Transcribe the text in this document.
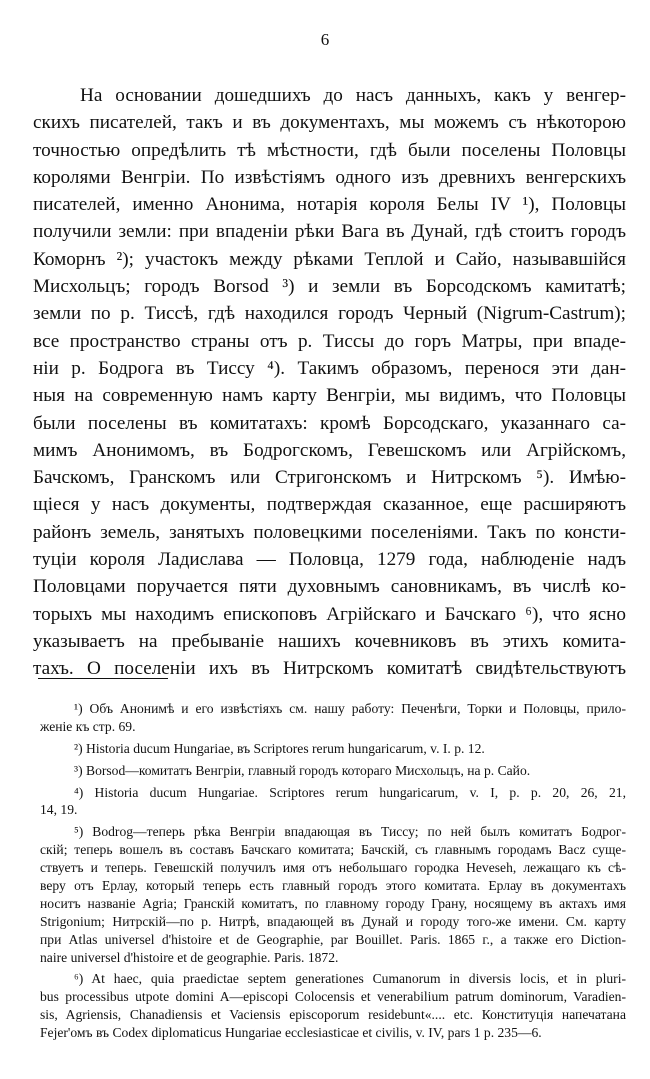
6
На основании дошедшихъ до насъ данныхъ, какъ у венгер-
скихъ писателей, такъ и въ документахъ, мы можемъ съ нѣкоторою
точностью опредѣлить тѣ мѣстности, гдѣ были поселены Половцы
королями Венгріи. По извѣстіямъ одного изъ древнихъ венгерскихъ
писателей, именно Анонима, нотарія короля Белы IV ¹), Половцы
получили земли: при впаденіи рѣки Вага въ Дунай, гдѣ стоитъ городъ
Коморнъ ²); участокъ между рѣками Теплой и Сайо, называвшійся
Мисхольцъ; городъ Borsod ³) и земли въ Борсодскомъ камитатѣ;
земли по р. Тиссѣ, гдѣ находился городъ Черный (Nigrum-Castrum);
все пространство страны отъ р. Тиссы до горъ Матры, при впаде-
ніи р. Бодрога въ Тиссу ⁴). Такимъ образомъ, перенося эти дан-
ныя на современную намъ карту Венгріи, мы видимъ, что Половцы
были поселены въ комитатахъ: кромѣ Борсодскаго, указаннаго са-
мимъ Анонимомъ, въ Бодрогскомъ, Гевешскомъ или Агрійскомъ,
Бачскомъ, Гранскомъ или Стригонскомъ и Нитрскомъ ⁵). Имѣю-
щіеся у насъ документы, подтверждая сказанное, еще расширяютъ
районъ земель, занятыхъ половецкими поселеніями. Такъ по консти-
туціи короля Ладислава — Половца, 1279 года, наблюденіе надъ
Половцами поручается пяти духовнымъ сановникамъ, въ числѣ ко-
торыхъ мы находимъ епископовъ Агрійскаго и Бачскаго ⁶), что ясно
указываетъ на пребываніе нашихъ кочевниковъ въ этихъ комита-
тахъ. О поселеніи ихъ въ Нитрскомъ комитатѣ свидѣтельствуютъ
¹) Объ Анонимѣ и его извѣстіяхъ см. нашу работу: Печенѣги, Торки и Половцы, прило-
женіе къ стр. 69.
²) Historia ducum Hungariae, въ Scriptores rerum hungaricarum, v. I. p. 12.
³) Borsod—комитатъ Венгріи, главный городъ котораго Мисхольцъ, на р. Сайо.
⁴) Historia ducum Hungariae. Scriptores rerum hungaricarum, v. I, p. p. 20, 26, 21,
14, 19.
⁵) Bodrog—теперь рѣка Венгріи впадающая въ Тиссу; по ней былъ комитатъ Бодрог-
скій; теперь вошелъ въ составъ Бачскаго комитата; Бачскій, съ главнымъ городамъ Васz суще-
ствуетъ и теперь. Гевешскій получилъ имя отъ небольшаго городка Heveseh, лежащаго къ сѣ-
веру отъ Ерлау, который теперь есть главный городъ этого комитата. Ерлау въ документахъ
носитъ названіе Agria; Гранскій комитатъ, по главному городу Грану, носящему въ актахъ имя
Strigonium; Нитрскій—по р. Нитрѣ, впадающей въ Дунай и городу того-же имени. См. карту
при Atlas universel d'histoire et de Geographie, par Bouillet. Paris. 1865 г., а также его Diction-
naire universel d'histoire et de geographie. Paris. 1872.
⁶) At haec, quia praedictae septem generationes Cumanorum in diversis locis, et in pluri-
bus processibus utpote domini A—episcopi Colocensis et venerabilium patrum dominorum, Varadien-
sis, Agriensis, Chanadiensis et Vaciensis episcoporum residebunt«.... etc. Конституція напечатана
Fejer'омъ въ Codex diplomaticus Hungariae ecclesiasticae et civilis, v. IV, pars 1 p. 235—6.
